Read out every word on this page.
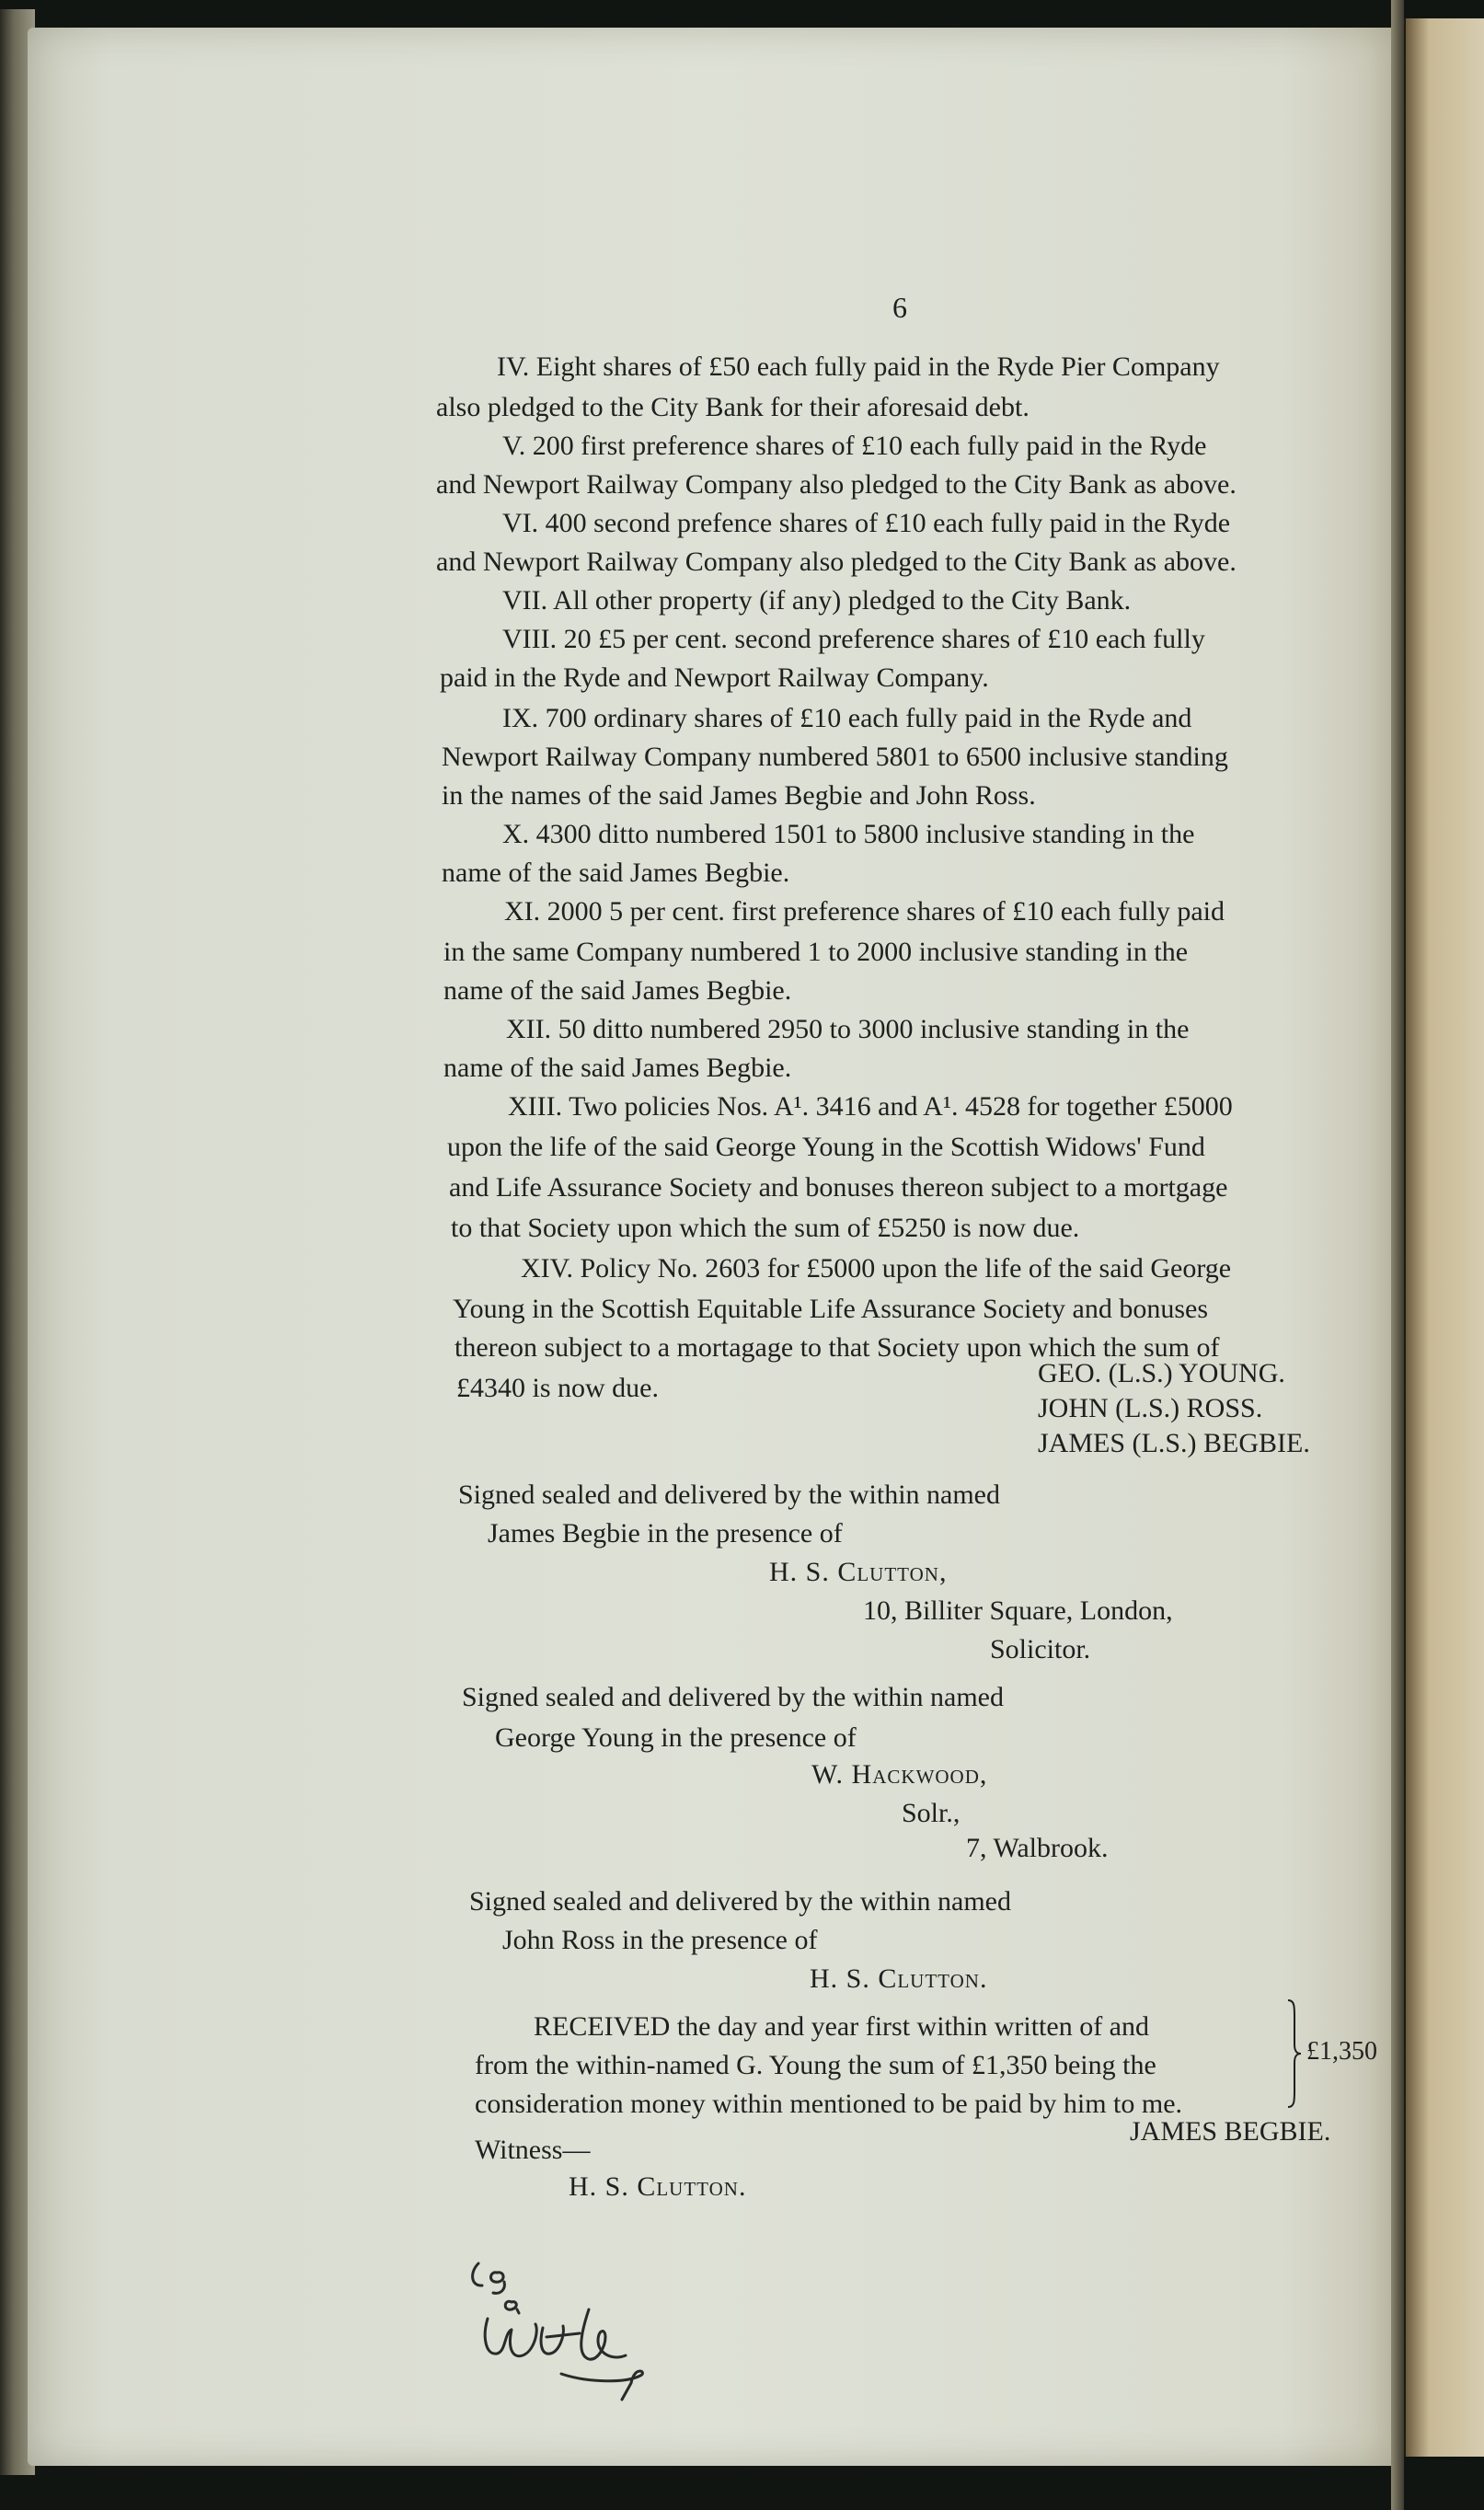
6
IV. Eight shares of £50 each fully paid in the Ryde Pier Company
also pledged to the City Bank for their aforesaid debt.
V. 200 first preference shares of £10 each fully paid in the Ryde
and Newport Railway Company also pledged to the City Bank as above.
VI. 400 second prefence shares of £10 each fully paid in the Ryde
and Newport Railway Company also pledged to the City Bank as above.
VII. All other property (if any) pledged to the City Bank.
VIII. 20 £5 per cent. second preference shares of £10 each fully
paid in the Ryde and Newport Railway Company.
IX. 700 ordinary shares of £10 each fully paid in the Ryde and
Newport Railway Company numbered 5801 to 6500 inclusive standing
in the names of the said James Begbie and John Ross.
X. 4300 ditto numbered 1501 to 5800 inclusive standing in the
name of the said James Begbie.
XI. 2000 5 per cent. first preference shares of £10 each fully paid
in the same Company numbered 1 to 2000 inclusive standing in the
name of the said James Begbie.
XII. 50 ditto numbered 2950 to 3000 inclusive standing in the
name of the said James Begbie.
XIII. Two policies Nos. A¹. 3416 and A¹. 4528 for together £5000
upon the life of the said George Young in the Scottish Widows' Fund
and Life Assurance Society and bonuses thereon subject to a mortgage
to that Society upon which the sum of £5250 is now due.
XIV. Policy No. 2603 for £5000 upon the life of the said George
Young in the Scottish Equitable Life Assurance Society and bonuses
thereon subject to a mortagage to that Society upon which the sum of
£4340 is now due.	GEO. (L.S.) YOUNG.
JOHN (L.S.) ROSS.
JAMES (L.S.) BEGBIE.
Signed sealed and delivered by the within named
James Begbie in the presence of
H. S. Clutton,
10, Billiter Square, London,
Solicitor.
Signed sealed and delivered by the within named
George Young in the presence of
W. Hackwood,
Solr.,
7, Walbrook.
Signed sealed and delivered by the within named
John Ross in the presence of
H. S. Clutton.
RECEIVED the day and year first within written of and
from the within-named G. Young the sum of £1,350 being the
consideration money within mentioned to be paid by him to me.
£1,350
JAMES BEGBIE.
Witness—
H. S. Clutton.
